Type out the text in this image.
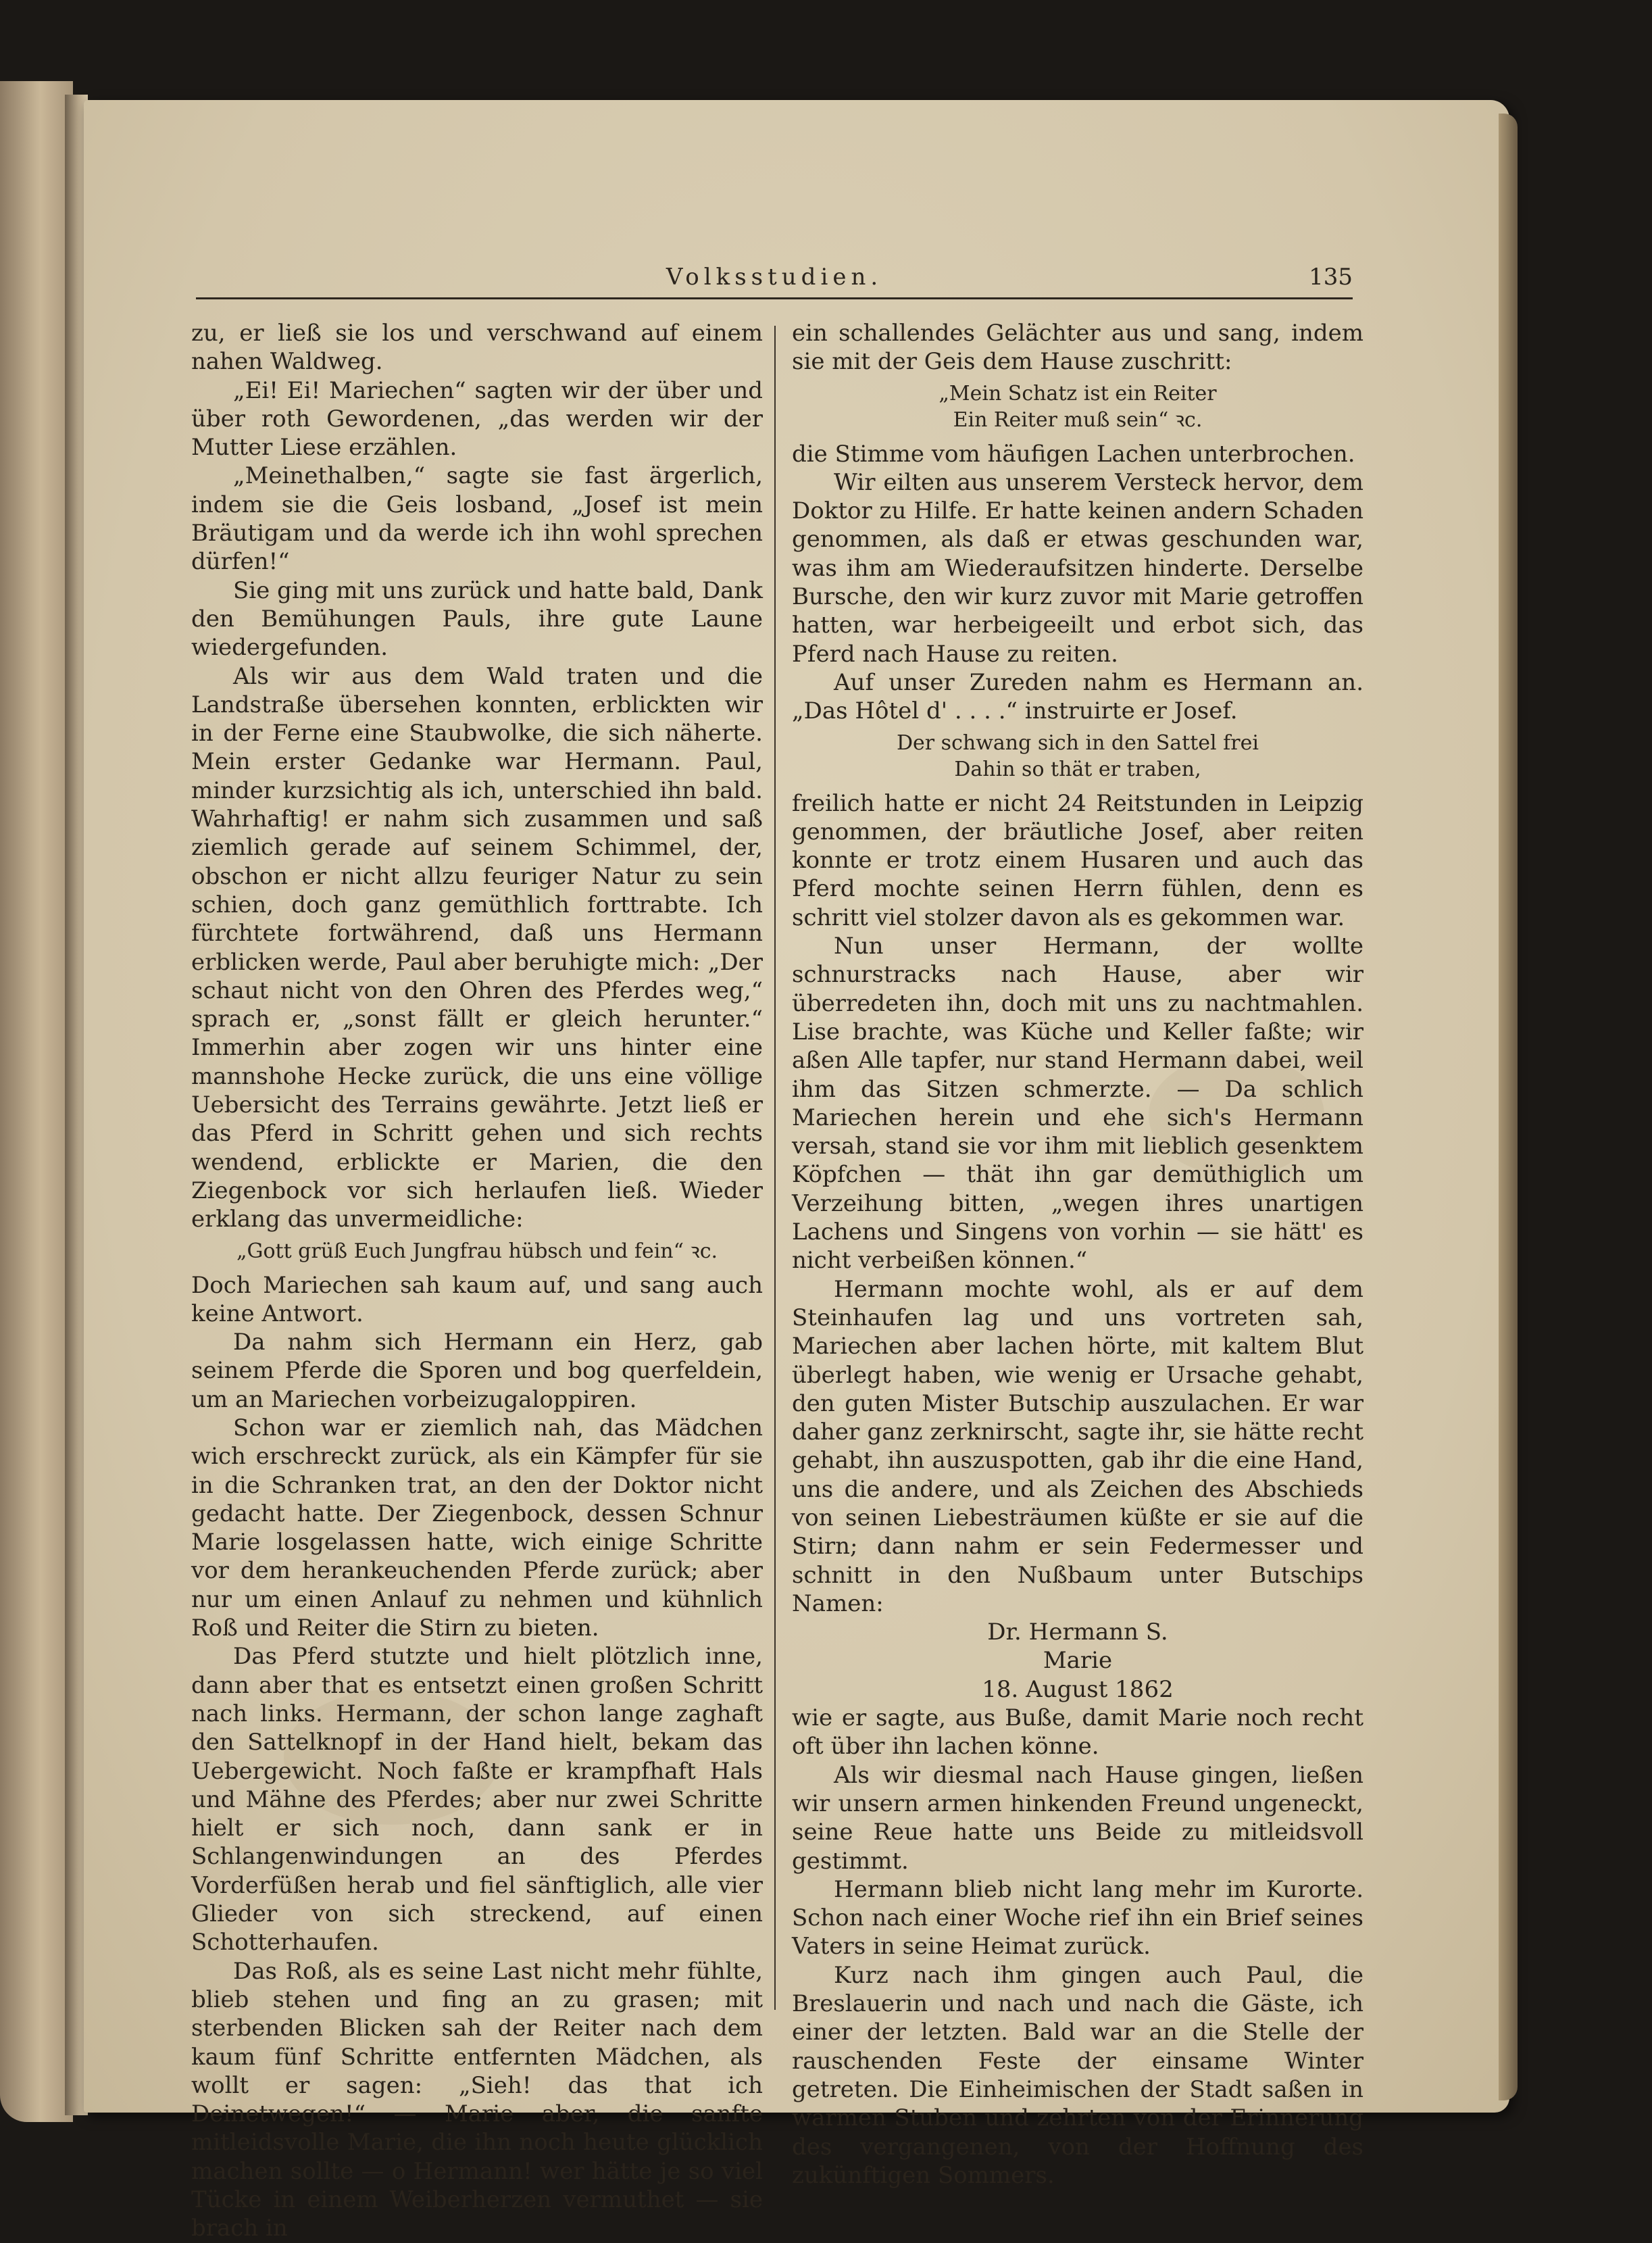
Volksstudien.	135

zu, er ließ sie los und verschwand auf einem nahen Waldweg.

„Ei! Ei! Mariechen“ sagten wir der über und über roth Gewordenen, „das werden wir der Mutter Liese erzählen.

„Meinethalben,“ sagte sie fast ärgerlich, indem sie die Geis losband, „Josef ist mein Bräutigam und da werde ich ihn wohl sprechen dürfen!“

Sie ging mit uns zurück und hatte bald, Dank den Bemühungen Pauls, ihre gute Laune wiedergefunden.

Als wir aus dem Wald traten und die Landstraße übersehen konnten, erblickten wir in der Ferne eine Staubwolke, die sich näherte. Mein erster Gedanke war Hermann. Paul, minder kurzsichtig als ich, unterschied ihn bald. Wahrhaftig! er nahm sich zusammen und saß ziemlich gerade auf seinem Schimmel, der, obschon er nicht allzu feuriger Natur zu sein schien, doch ganz gemüthlich forttrabte. Ich fürchtete fortwährend, daß uns Hermann erblicken werde, Paul aber beruhigte mich: „Der schaut nicht von den Ohren des Pferdes weg,“ sprach er, „sonst fällt er gleich herunter.“ Immerhin aber zogen wir uns hinter eine mannshohe Hecke zurück, die uns eine völlige Uebersicht des Terrains gewährte. Jetzt ließ er das Pferd in Schritt gehen und sich rechts wendend, erblickte er Marien, die den Ziegenbock vor sich herlaufen ließ. Wieder erklang das unvermeidliche:

„Gott grüß Euch Jungfrau hübsch und fein“ ꝛc.

Doch Mariechen sah kaum auf, und sang auch keine Antwort.

Da nahm sich Hermann ein Herz, gab seinem Pferde die Sporen und bog querfeldein, um an Mariechen vorbeizugaloppiren.

Schon war er ziemlich nah, das Mädchen wich erschreckt zurück, als ein Kämpfer für sie in die Schranken trat, an den der Doktor nicht gedacht hatte. Der Ziegenbock, dessen Schnur Marie losgelassen hatte, wich einige Schritte vor dem herankeuchenden Pferde zurück; aber nur um einen Anlauf zu nehmen und kühnlich Roß und Reiter die Stirn zu bieten.

Das Pferd stutzte und hielt plötzlich inne, dann aber that es entsetzt einen großen Schritt nach links. Hermann, der schon lange zaghaft den Sattelknopf in der Hand hielt, bekam das Uebergewicht. Noch faßte er krampfhaft Hals und Mähne des Pferdes; aber nur zwei Schritte hielt er sich noch, dann sank er in Schlangenwindungen an des Pferdes Vorderfüßen herab und fiel sänftiglich, alle vier Glieder von sich streckend, auf einen Schotterhaufen.

Das Roß, als es seine Last nicht mehr fühlte, blieb stehen und fing an zu grasen; mit sterbenden Blicken sah der Reiter nach dem kaum fünf Schritte entfernten Mädchen, als wollt er sagen: „Sieh! das that ich Deinetwegen!“ — Marie aber, die sanfte mitleidsvolle Marie, die ihn noch heute glücklich machen sollte — o Hermann! wer hätte je so viel Tücke in einem Weiberherzen vermuthet — sie brach in

ein schallendes Gelächter aus und sang, indem sie mit der Geis dem Hause zuschritt:

„Mein Schatz ist ein Reiter
Ein Reiter muß sein“ ꝛc.

die Stimme vom häufigen Lachen unterbrochen.

Wir eilten aus unserem Versteck hervor, dem Doktor zu Hilfe. Er hatte keinen andern Schaden genommen, als daß er etwas geschunden war, was ihm am Wiederaufsitzen hinderte. Derselbe Bursche, den wir kurz zuvor mit Marie getroffen hatten, war herbeigeeilt und erbot sich, das Pferd nach Hause zu reiten.

Auf unser Zureden nahm es Hermann an. „Das Hôtel d' . . . .“ instruirte er Josef.

Der schwang sich in den Sattel frei
Dahin so thät er traben,

freilich hatte er nicht 24 Reitstunden in Leipzig genommen, der bräutliche Josef, aber reiten konnte er trotz einem Husaren und auch das Pferd mochte seinen Herrn fühlen, denn es schritt viel stolzer davon als es gekommen war.

Nun unser Hermann, der wollte schnurstracks nach Hause, aber wir überredeten ihn, doch mit uns zu nachtmahlen. Lise brachte, was Küche und Keller faßte; wir aßen Alle tapfer, nur stand Hermann dabei, weil ihm das Sitzen schmerzte. — Da schlich Mariechen herein und ehe sich's Hermann versah, stand sie vor ihm mit lieblich gesenktem Köpfchen — thät ihn gar demüthiglich um Verzeihung bitten, „wegen ihres unartigen Lachens und Singens von vorhin — sie hätt' es nicht verbeißen können.“

Hermann mochte wohl, als er auf dem Steinhaufen lag und uns vortreten sah, Mariechen aber lachen hörte, mit kaltem Blut überlegt haben, wie wenig er Ursache gehabt, den guten Mister Butschip auszulachen. Er war daher ganz zerknirscht, sagte ihr, sie hätte recht gehabt, ihn auszuspotten, gab ihr die eine Hand, uns die andere, und als Zeichen des Abschieds von seinen Liebesträumen küßte er sie auf die Stirn; dann nahm er sein Federmesser und schnitt in den Nußbaum unter Butschips Namen:

Dr. Hermann S.

Marie

18. August 1862

wie er sagte, aus Buße, damit Marie noch recht oft über ihn lachen könne.

Als wir diesmal nach Hause gingen, ließen wir unsern armen hinkenden Freund ungeneckt, seine Reue hatte uns Beide zu mitleidsvoll gestimmt.

Hermann blieb nicht lang mehr im Kurorte. Schon nach einer Woche rief ihn ein Brief seines Vaters in seine Heimat zurück.

Kurz nach ihm gingen auch Paul, die Breslauerin und nach und nach die Gäste, ich einer der letzten. Bald war an die Stelle der rauschenden Feste der einsame Winter getreten. Die Einheimischen der Stadt saßen in warmen Stuben und zehrten von der Erinnerung des vergangenen, von der Hoffnung des zukünftigen Sommers.
